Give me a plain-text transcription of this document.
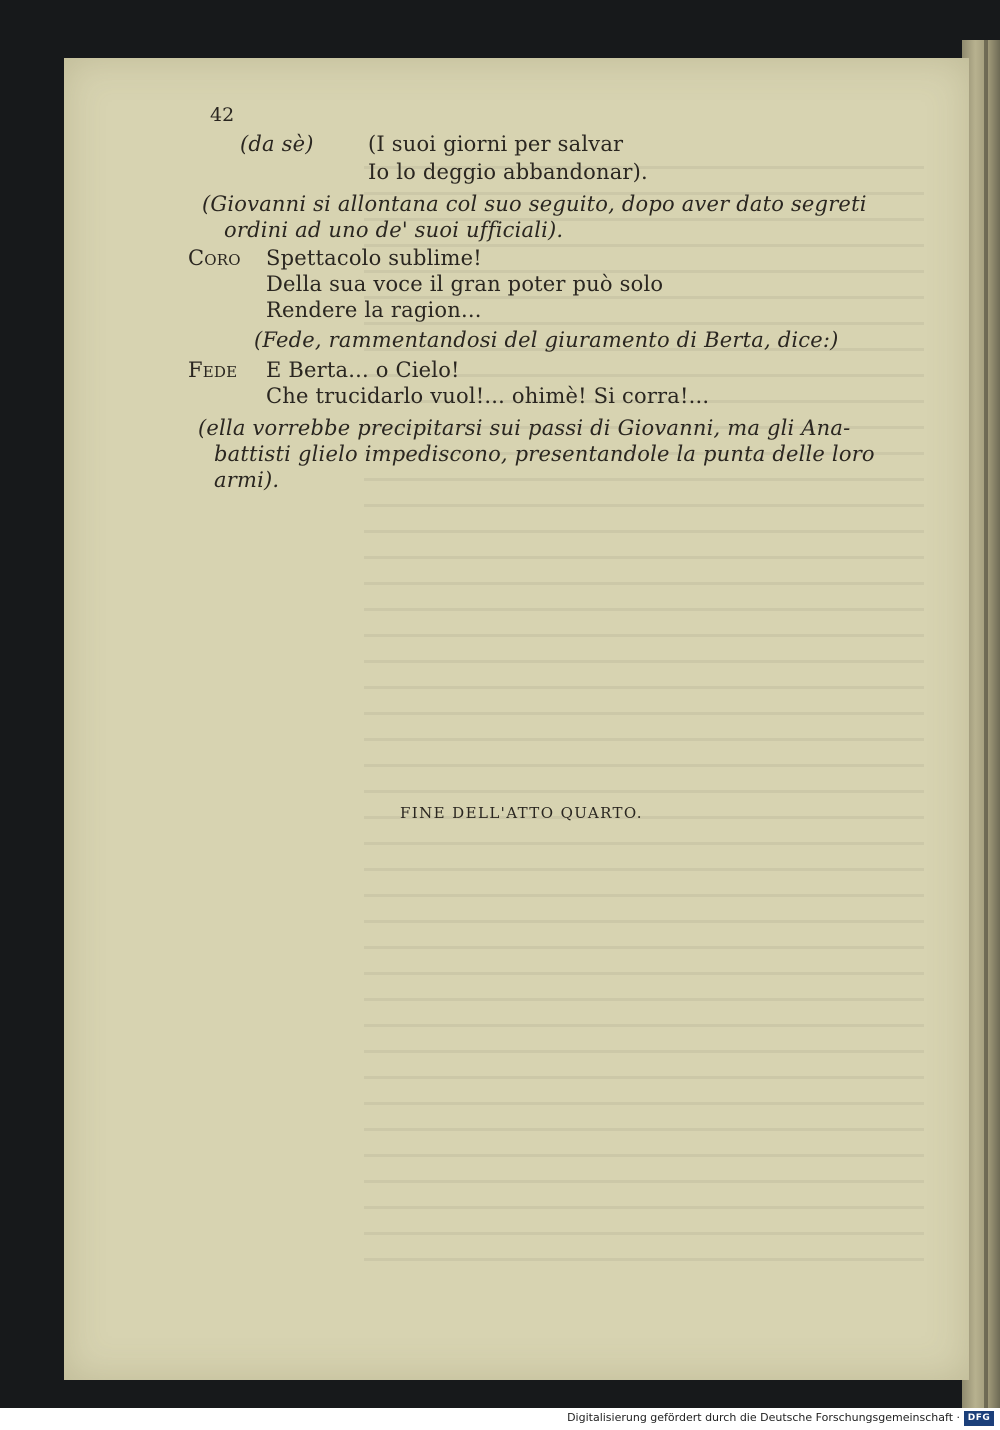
42
(da sè)	(I suoi giorni per salvar
Io lo deggio abbandonar).
(Giovanni si allontana col suo seguito, dopo aver dato segreti
ordini ad uno de' suoi ufficiali).
Coro Spettacolo sublime!
Della sua voce il gran poter può solo
Rendere la ragion...
(Fede, rammentandosi del giuramento di Berta, dice:)
Fede E Berta... o Cielo!
Che trucidarlo vuol!... ohimè! Si corra!...
(ella vorrebbe precipitarsi sui passi di Giovanni, ma gli Ana-
battisti glielo impediscono, presentandole la punta delle loro
armi).
FINE DELL'ATTO QUARTO.
Digitalisierung gefördert durch die Deutsche Forschungsgemeinschaft · DFG
